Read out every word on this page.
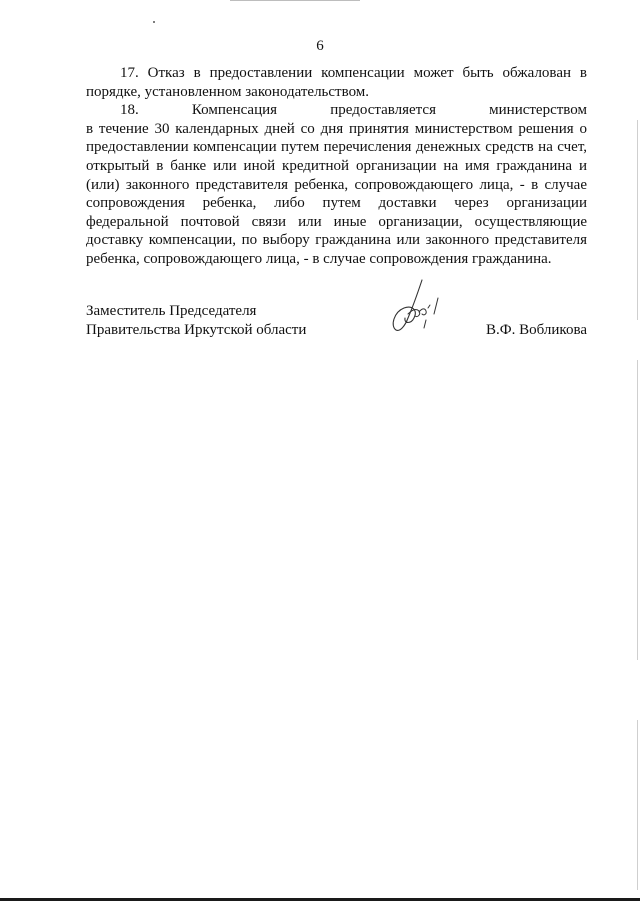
6

17. Отказ в предоставлении компенсации может быть обжалован в
порядке, установленном законодательством.

18. Компенсация предоставляется министерством
в течение 30 календарных дней со дня принятия министерством решения о
предоставлении компенсации путем перечисления денежных средств на счет,
открытый в банке или иной кредитной организации на имя гражданина и
(или) законного представителя ребенка, сопровождающего лица, - в случае
сопровождения ребенка, либо путем доставки через организации
федеральной почтовой связи или иные организации, осуществляющие
доставку компенсации, по выбору гражданина или законного представителя
ребенка, сопровождающего лица, - в случае сопровождения гражданина.

Заместитель Председателя
Правительства Иркутской области	В.Ф. Вобликова
